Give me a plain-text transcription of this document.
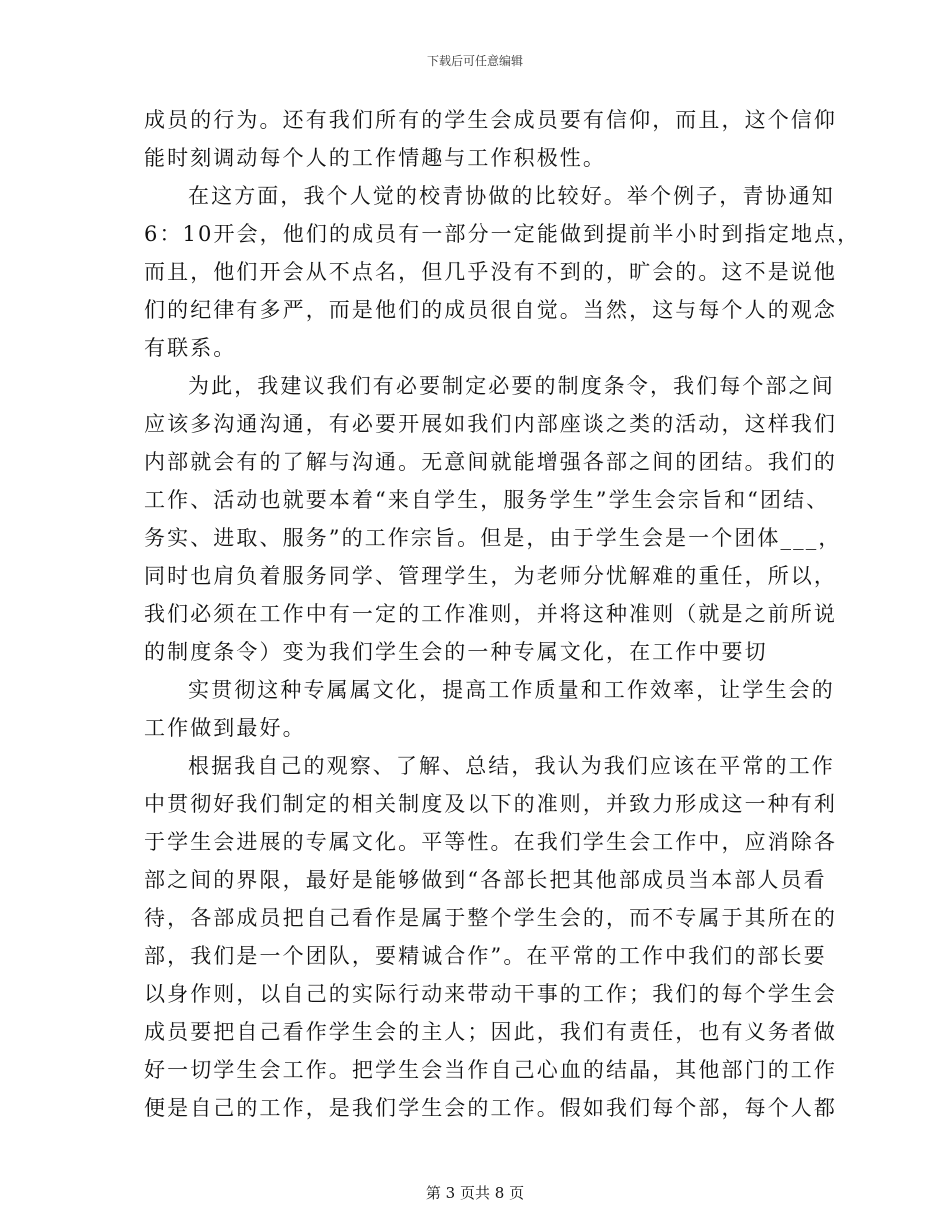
下载后可任意编辑
成员的行为。还有我们所有的学生会成员要有信仰，而且，这个信仰
能时刻调动每个人的工作情趣与工作积极性。
在这方面，我个人觉的校青协做的比较好。举个例子，青协通知
6：10开会，他们的成员有一部分一定能做到提前半小时到指定地点，
而且，他们开会从不点名，但几乎没有不到的，旷会的。这不是说他
们的纪律有多严，而是他们的成员很自觉。当然，这与每个人的观念
有联系。
为此，我建议我们有必要制定必要的制度条令，我们每个部之间
应该多沟通沟通，有必要开展如我们内部座谈之类的活动，这样我们
内部就会有的了解与沟通。无意间就能增强各部之间的团结。我们的
工作、活动也就要本着“来自学生，服务学生”学生会宗旨和“团结、
务实、进取、服务”的工作宗旨。但是，由于学生会是一个团体___，
同时也肩负着服务同学、管理学生，为老师分忧解难的重任，所以，
我们必须在工作中有一定的工作准则，并将这种准则（就是之前所说
的制度条令）变为我们学生会的一种专属文化，在工作中要切
实贯彻这种专属属文化，提高工作质量和工作效率，让学生会的
工作做到最好。
根据我自己的观察、了解、总结，我认为我们应该在平常的工作
中贯彻好我们制定的相关制度及以下的准则，并致力形成这一种有利
于学生会进展的专属文化。平等性。在我们学生会工作中，应消除各
部之间的界限，最好是能够做到“各部长把其他部成员当本部人员看
待，各部成员把自己看作是属于整个学生会的，而不专属于其所在的
部，我们是一个团队，要精诚合作”。在平常的工作中我们的部长要
以身作则，以自己的实际行动来带动干事的工作；我们的每个学生会
成员要把自己看作学生会的主人；因此，我们有责任，也有义务者做
好一切学生会工作。把学生会当作自己心血的结晶，其他部门的工作
便是自己的工作，是我们学生会的工作。假如我们每个部，每个人都
第 3 页共 8 页
